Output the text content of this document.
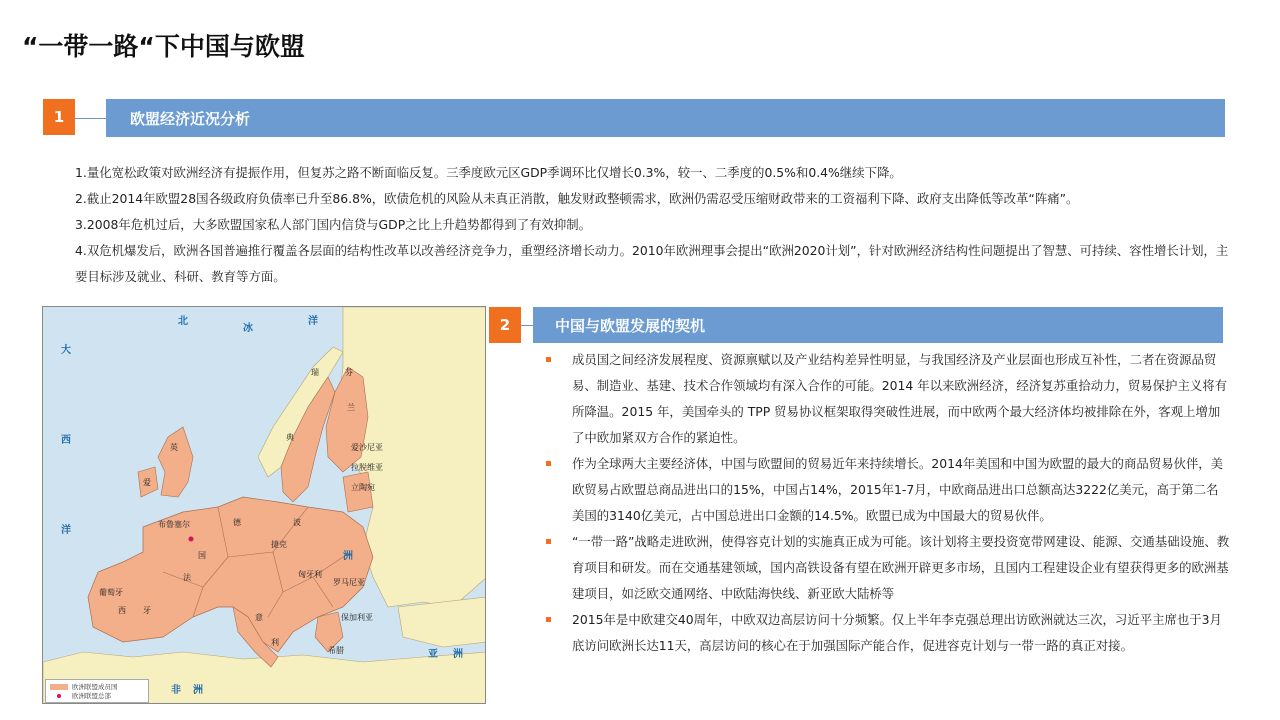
“一带一路“下中国与欧盟
1	欧盟经济近况分析

1.量化宽松政策对欧洲经济有提振作用，但复苏之路不断面临反复。三季度欧元区GDP季调环比仅增长0.3%，较一、二季度的0.5%和0.4%继续下降。

2.截止2014年欧盟28国各级政府负债率已升至86.8%，欧债危机的风险从未真正消散，触发财政整顿需求，欧洲仍需忍受压缩财政带来的工资福利下降、政府支出降低等改革“阵痛”。

3.2008年危机过后，大多欧盟国家私人部门国内信贷与GDP之比上升趋势都得到了有效抑制。

4.双危机爆发后，欧洲各国普遍推行覆盖各层面的结构性改革以改善经济竞争力，重塑经济增长动力。2010年欧洲理事会提出“欧洲2020计划”，针对欧洲经济结构性问题提出了智慧、可持续、容性增长计划，主要目标涉及就业、科研、教育等方面。

北
冰
洋
大
西
洋
亚 洲
非 洲
洲
芬
兰
瑞
典
英
爱
德	波
法
国
西 牙
意
利
罗马尼亚
保加利亚
匈牙利
捷克
希腊
葡萄牙
爱沙尼亚
拉脱维亚
立陶宛
布鲁塞尔
欧洲联盟成员国
欧洲联盟总部
2	中国与欧盟发展的契机

成员国之间经济发展程度、资源禀赋以及产业结构差异性明显，与我国经济及产业层面也形成互补性，二者在资源品贸易、制造业、基建、技术合作领域均有深入合作的可能。2014 年以来欧洲经济，经济复苏重拾动力，贸易保护主义将有所降温。2015 年，美国牵头的 TPP 贸易协议框架取得突破性进展，而中欧两个最大经济体均被排除在外，客观上增加了中欧加紧双方合作的紧迫性。

作为全球两大主要经济体，中国与欧盟间的贸易近年来持续增长。2014年美国和中国为欧盟的最大的商品贸易伙伴，美欧贸易占欧盟总商品进出口的15%，中国占14%，2015年1-7月，中欧商品进出口总额高达3222亿美元，高于第二名美国的3140亿美元，占中国总进出口金额的14.5%。欧盟已成为中国最大的贸易伙伴。

“一带一路”战略走进欧洲，使得容克计划的实施真正成为可能。该计划将主要投资宽带网建设、能源、交通基础设施、教育项目和研发。而在交通基建领域，国内高铁设备有望在欧洲开辟更多市场，且国内工程建设企业有望获得更多的欧洲基建项目，如泛欧交通网络、中欧陆海快线、新亚欧大陆桥等

2015年是中欧建交40周年，中欧双边高层访问十分频繁。仅上半年李克强总理出访欧洲就达三次，习近平主席也于3月底访问欧洲长达11天，高层访问的核心在于加强国际产能合作，促进容克计划与一带一路的真正对接。
